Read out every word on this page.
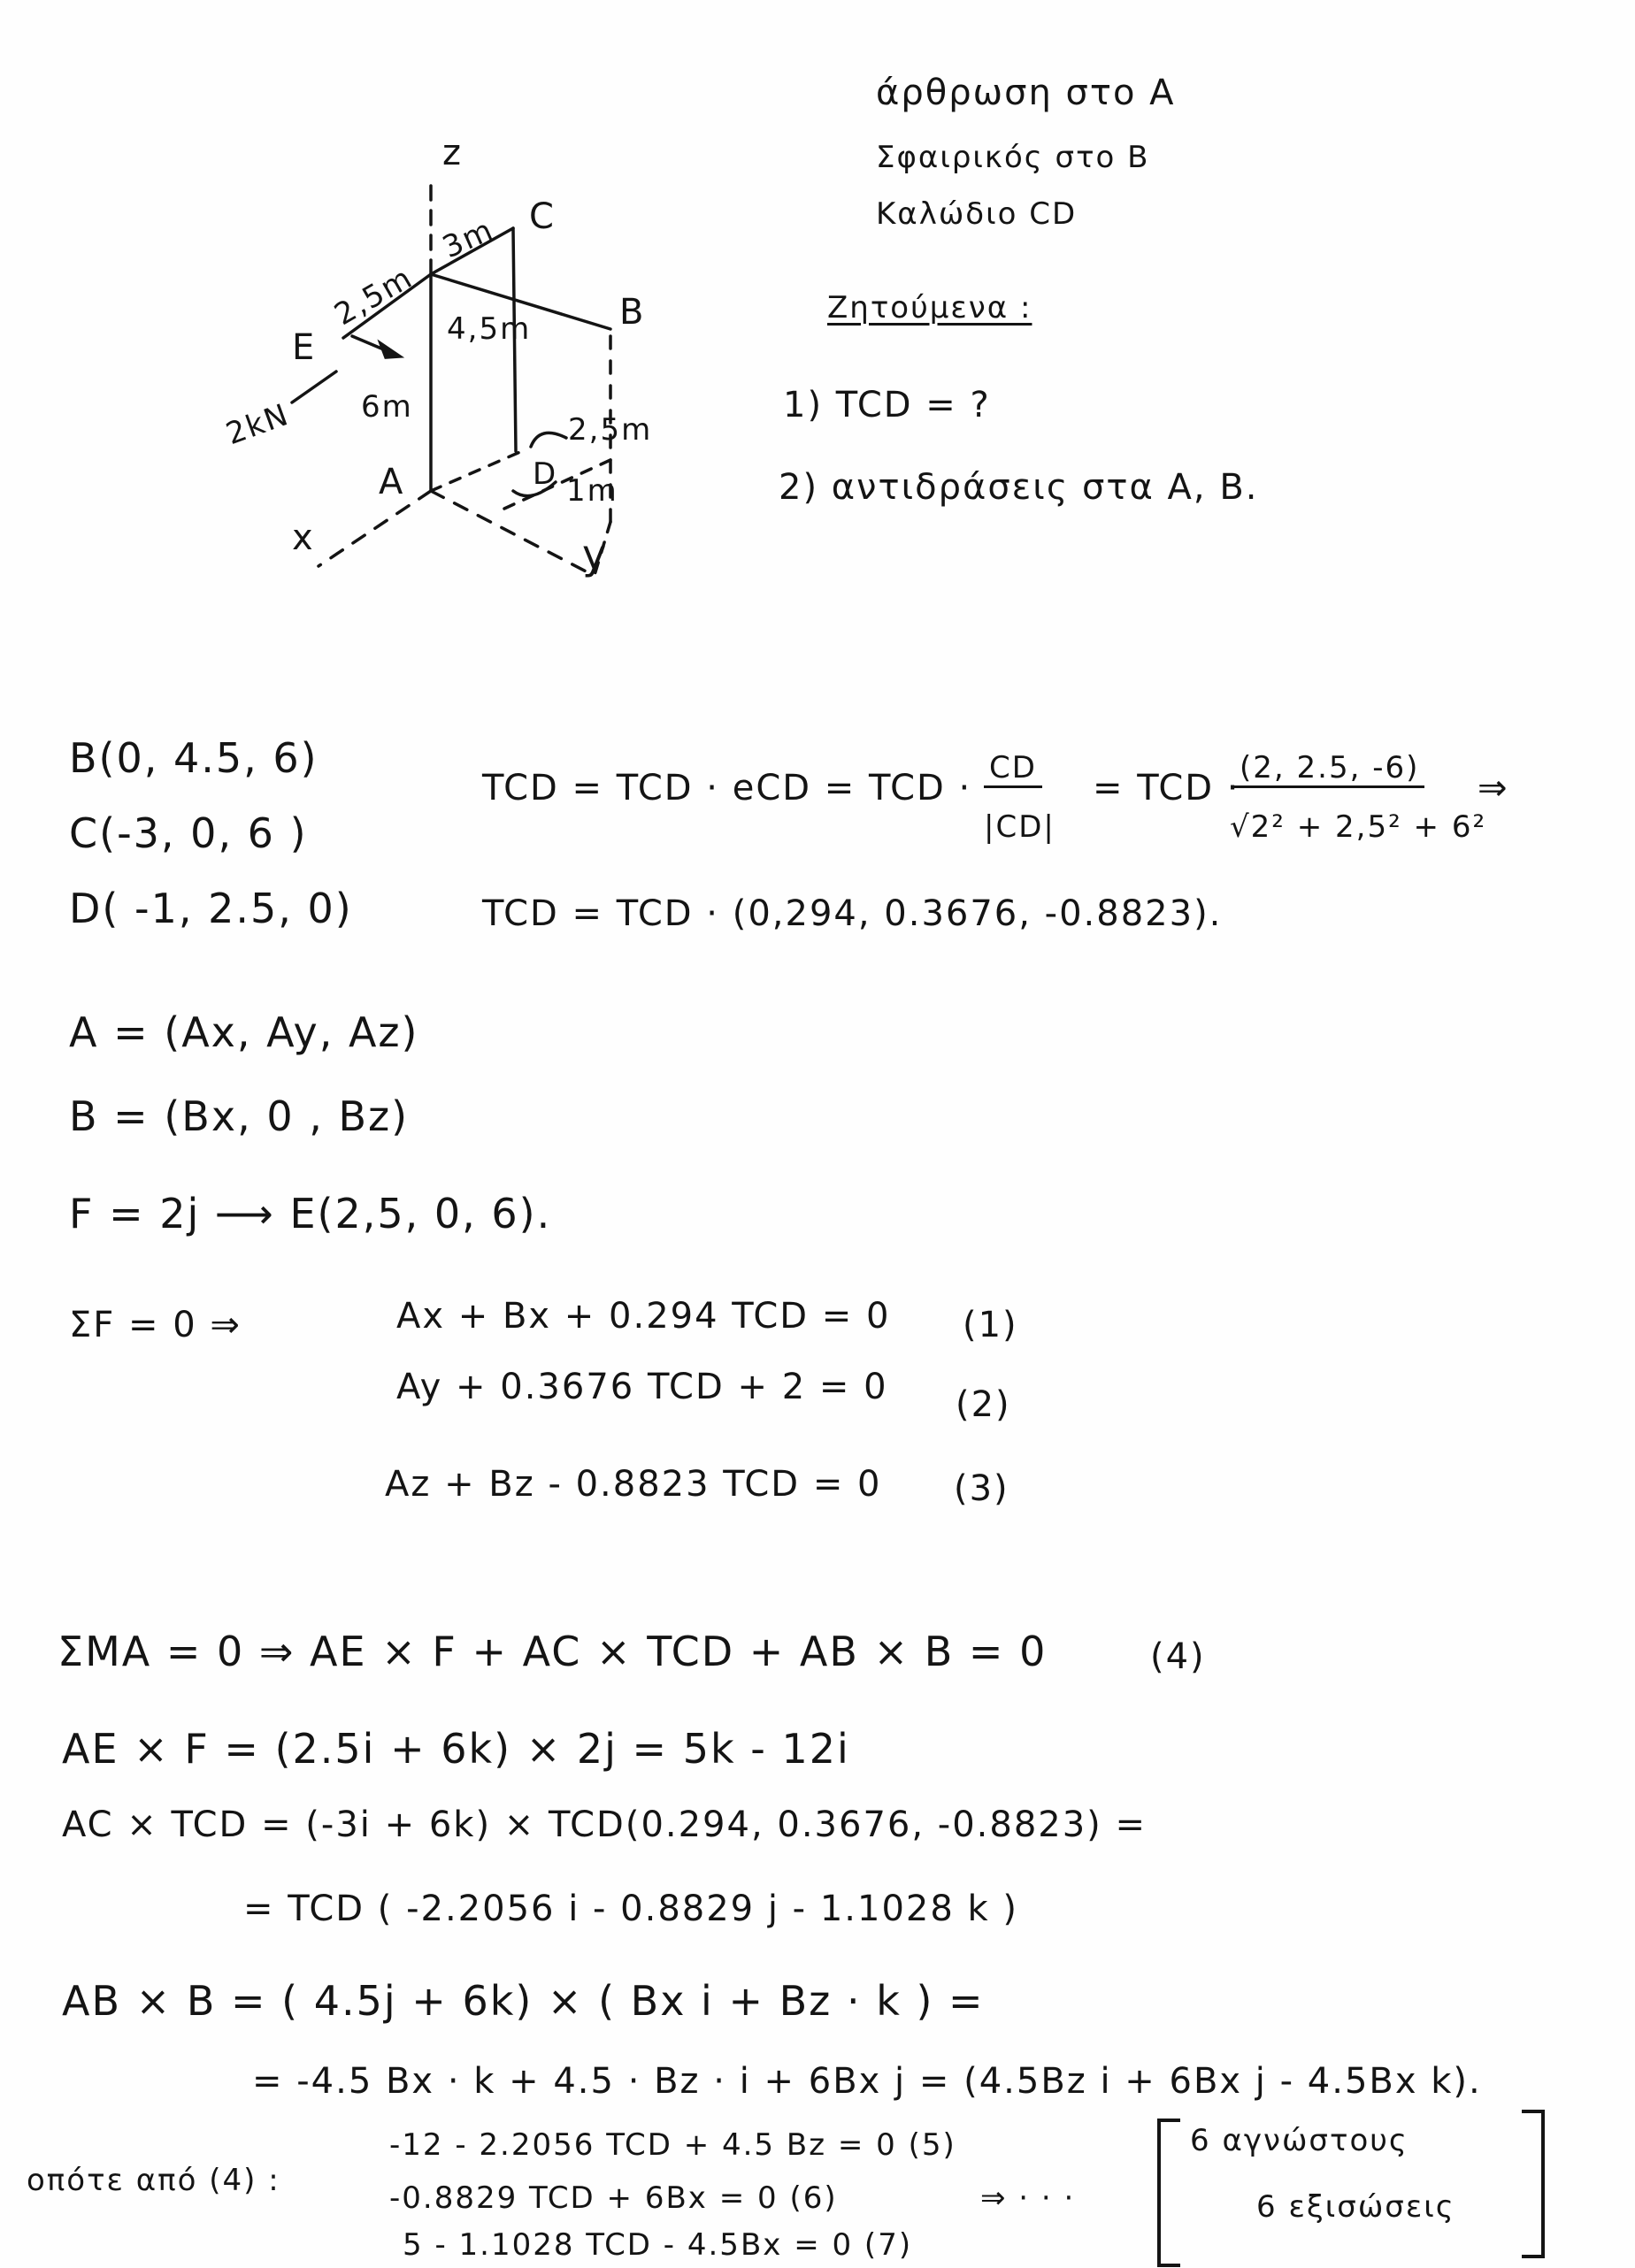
z
C
B
E
A	D
x	y
3m
2,5m 4,5m
6m
2,5m
1m
2kN
άρθρωση στο A
Σφαιρικός στο B
Καλώδιο CD
Ζητούμενα :
1) TCD = ?
2) αντιδράσεις στα A, B.
B(0, 4.5, 6)
C(-3, 0, 6 )
D( -1, 2.5, 0)
TCD = TCD · eCD = TCD · CD
|CD|
= TCD · (2, 2.5, -6)
√2² + 2,5² + 6²
⇒
TCD = TCD · (0,294, 0.3676, -0.8823).
A = (Ax, Ay, Az)
B = (Bx, 0 , Bz)
F = 2j ⟶ E(2,5, 0, 6).
ΣF = 0 ⇒	Ax + Bx + 0.294 TCD = 0 (1)
Ay + 0.3676 TCD + 2 = 0 (2)
Az + Bz - 0.8823 TCD = 0 (3)
ΣMA = 0 ⇒ AE × F + AC × TCD + AB × B = 0	(4)
AE × F = (2.5i + 6k) × 2j = 5k - 12i
AC × TCD = (-3i + 6k) × TCD(0.294, 0.3676, -0.8823) =
= TCD ( -2.2056 i - 0.8829 j - 1.1028 k )
AB × B = ( 4.5j + 6k) × ( Bx i + Bz · k ) =
= -4.5 Bx · k + 4.5 · Bz · i + 6Bx j = (4.5Bz i + 6Bx j - 4.5Bx k).
οπότε από (4) :
-12 - 2.2056 TCD + 4.5 Bz = 0 (5)
-0.8829 TCD + 6Bx = 0 (6)
5 - 1.1028 TCD - 4.5Bx = 0 (7)
⇒ · · ·
6 αγνώστους
6 εξισώσεις
